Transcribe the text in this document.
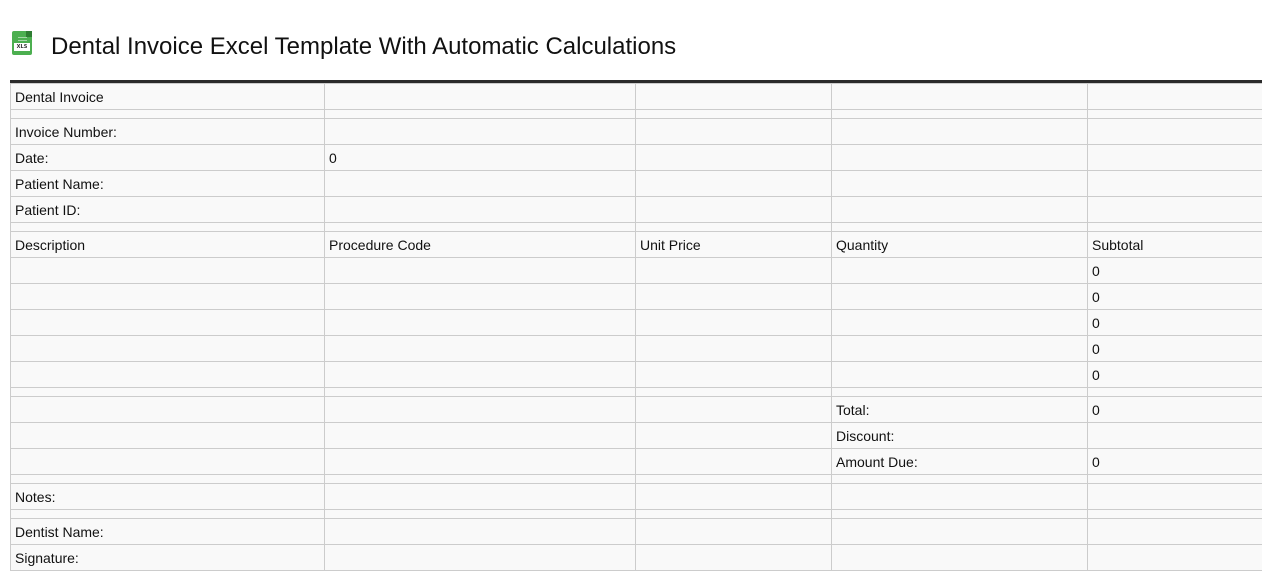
XLS Dental Invoice Excel Template With Automatic Calculations
Dental Invoice				

Invoice Number:				
Date:	0			
Patient Name:				
Patient ID:				

Description	Procedure Code	Unit Price	Quantity	Subtotal
				0
				0
				0
				0
				0

			Total:	0
			Discount:	
			Amount Due:	0

Notes:				

Dentist Name:				
Signature:				
